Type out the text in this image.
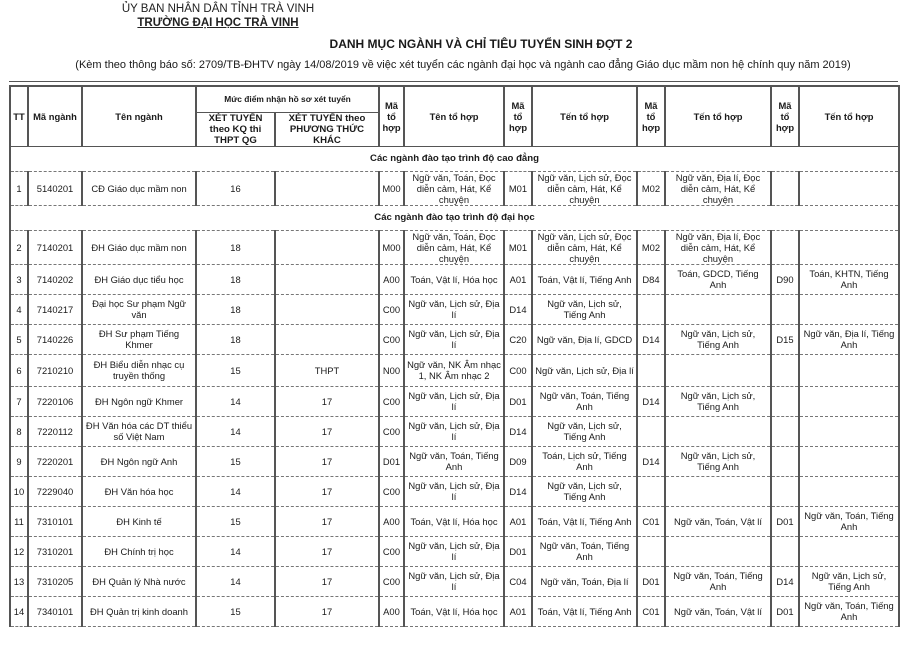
ỦY BAN NHÂN DÂN TỈNH TRÀ VINH
TRƯỜNG ĐẠI HỌC TRÀ VINH
DANH MỤC NGÀNH VÀ CHỈ TIÊU TUYỂN SINH ĐỢT 2
(Kèm theo thông báo số: 2709/TB-ĐHTV ngày 14/08/2019 về việc xét tuyển các ngành đại học và ngành cao đẳng Giáo dục mầm non hệ chính quy năm 2019)
TT	Mã ngành	Tên ngành	Mức điểm nhận hồ sơ xét tuyển		Mã tổ hợp	Tên tổ hợp	Mã tổ hợp	Tến tổ hợp	Mã tổ hợp	Tến tổ hợp	Mã tổ hợp	Tến tổ hợp
			XÉT TUYỂN theo KQ thi THPT QG	XÉT TUYỂN theo PHƯƠNG THỨC KHÁC								
Các ngành đào tạo trình độ cao đẳng												
1	5140201	CĐ Giáo dục mầm non	16		M00	Ngữ văn, Toán, Đọc diễn cảm, Hát, Kể chuyện	M01	Ngữ văn, Lịch sử, Đọc diễn cảm, Hát, Kể chuyện	M02	Ngữ văn, Địa lí, Đọc diễn cảm, Hát, Kể chuyện		
Các ngành đào tạo trình độ đại học												
2	7140201	ĐH Giáo dục mầm non	18		M00	Ngữ văn, Toán, Đọc diễn cảm, Hát, Kể chuyện	M01	Ngữ văn, Lịch sử, Đọc diễn cảm, Hát, Kể chuyện	M02	Ngữ văn, Địa lí, Đọc diễn cảm, Hát, Kể chuyện		
3	7140202	ĐH Giáo dục tiểu học	18		A00	Toán, Vật lí, Hóa học	A01	Toán, Vật lí, Tiếng Anh	D84	Toán, GDCD, Tiếng Anh	D90	Toán, KHTN, Tiếng Anh
4	7140217	Đại học Sư phạm Ngữ văn	18		C00	Ngữ văn, Lịch sử, Địa lí	D14	Ngữ văn, Lịch sử, Tiếng Anh				
5	7140226	ĐH Sư phạm Tiếng Khmer	18		C00	Ngữ văn, Lịch sử, Địa lí	C20	Ngữ văn, Địa lí, GDCD	D14	Ngữ văn, Lịch sử, Tiếng Anh	D15	Ngữ văn, Địa lí, Tiếng Anh
6	7210210	ĐH Biểu diễn nhạc cụ truyền thống	15	THPT	N00	Ngữ văn, NK Âm nhạc 1, NK Âm nhạc 2	C00	Ngữ văn, Lịch sử, Địa lí				
7	7220106	ĐH Ngôn ngữ Khmer	14	17	C00	Ngữ văn, Lịch sử, Địa lí	D01	Ngữ văn, Toán, Tiếng Anh	D14	Ngữ văn, Lịch sử, Tiếng Anh		
8	7220112	ĐH Văn hóa các DT thiểu số Việt Nam	14	17	C00	Ngữ văn, Lịch sử, Địa lí	D14	Ngữ văn, Lịch sử, Tiếng Anh				
9	7220201	ĐH Ngôn ngữ Anh	15	17	D01	Ngữ văn, Toán, Tiếng Anh	D09	Toán, Lịch sử, Tiếng Anh	D14	Ngữ văn, Lịch sử, Tiếng Anh		
10	7229040	ĐH Văn hóa học	14	17	C00	Ngữ văn, Lịch sử, Địa lí	D14	Ngữ văn, Lịch sử, Tiếng Anh				
11	7310101	ĐH Kinh tế	15	17	A00	Toán, Vật lí, Hóa học	A01	Toán, Vật lí, Tiếng Anh	C01	Ngữ văn, Toán, Vật lí	D01	Ngữ văn, Toán, Tiếng Anh
12	7310201	ĐH Chính trị học	14	17	C00	Ngữ văn, Lịch sử, Địa lí	D01	Ngữ văn, Toán, Tiếng Anh				
13	7310205	ĐH Quản lý Nhà nước	14	17	C00	Ngữ văn, Lịch sử, Địa lí	C04	Ngữ văn, Toán, Địa lí	D01	Ngữ văn, Toán, Tiếng Anh	D14	Ngữ văn, Lịch sử, Tiếng Anh
14	7340101	ĐH Quản trị kinh doanh	15	17	A00	Toán, Vật lí, Hóa học	A01	Toán, Vật lí, Tiếng Anh	C01	Ngữ văn, Toán, Vật lí	D01	Ngữ văn, Toán, Tiếng Anh
